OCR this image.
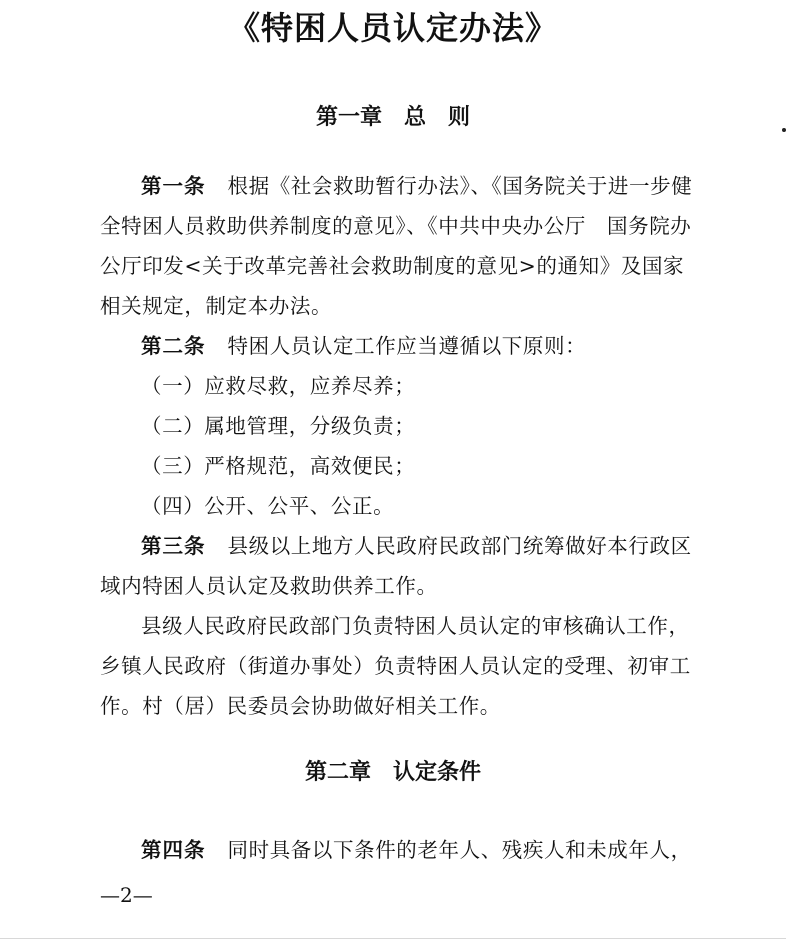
《特困人员认定办法》
第一章 总　则

第一条 根据《社会救助暂行办法》、《国务院关于进一步健全特困人员救助供养制度的意见》、《中共中央办公厅　国务院办公厅印发<关于改革完善社会救助制度的意见>的通知》及国家相关规定，制定本办法。

第二条 特困人员认定工作应当遵循以下原则：

（一）应救尽救，应养尽养；

（二）属地管理，分级负责；

（三）严格规范，高效便民；

（四）公开、公平、公正。

第三条 县级以上地方人民政府民政部门统筹做好本行政区域内特困人员认定及救助供养工作。

县级人民政府民政部门负责特困人员认定的审核确认工作，乡镇人民政府（街道办事处）负责特困人员认定的受理、初审工作。村（居）民委员会协助做好相关工作。

第二章 认定条件

第四条 同时具备以下条件的老年人、残疾人和未成年人，

—2—
